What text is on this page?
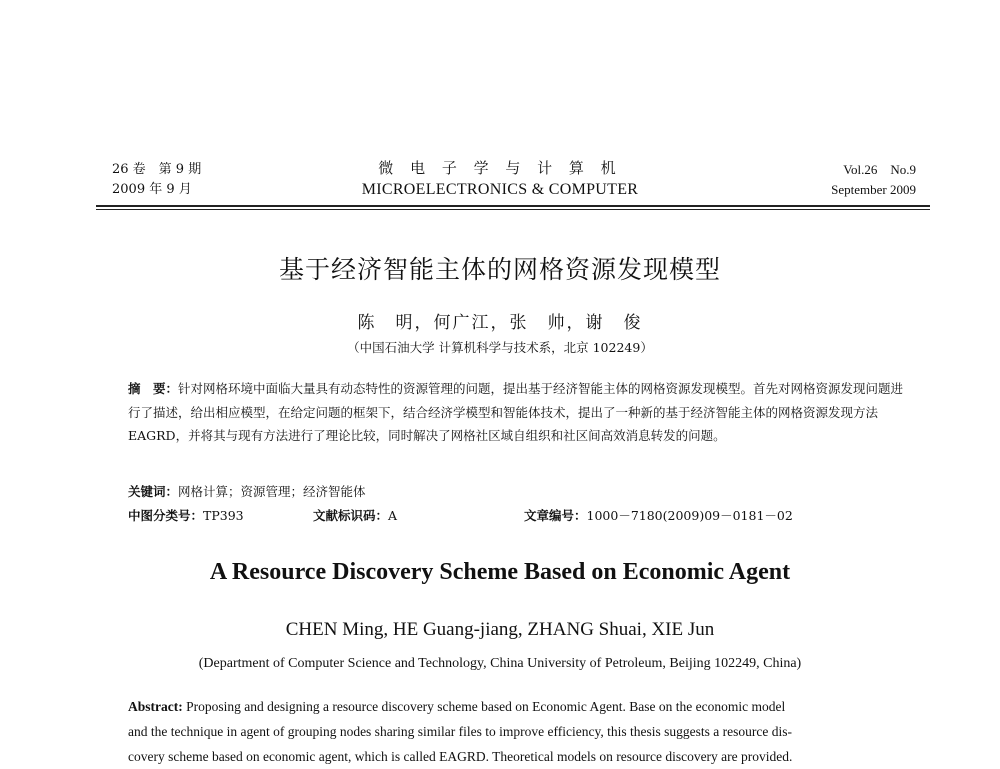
26 卷　第 9 期
2009 年 9 月
微 电 子 学 与 计 算 机
MICROELECTRONICS & COMPUTER
Vol.26　No.9
September 2009
基于经济智能主体的网格资源发现模型
陈　明，何广江，张　帅，谢　俊
（中国石油大学 计算机科学与技术系，北京 102249）
摘　要：针对网格环境中面临大量具有动态特性的资源管理的问题，提出基于经济智能主体的网格资源发现模型。首先对网格资源发现问题进行了描述，给出相应模型，在给定问题的框架下，结合经济学模型和智能体技术，提出了一种新的基于经济智能主体的网格资源发现方法 EAGRD，并将其与现有方法进行了理论比较，同时解决了网格社区域自组织和社区间高效消息转发的问题。
关键词：网格计算；资源管理；经济智能体
中图分类号：TP393	文献标识码：A	文章编号：1000－7180(2009)09－0181－02
A Resource Discovery Scheme Based on Economic Agent
CHEN Ming, HE Guang-jiang, ZHANG Shuai, XIE Jun
(Department of Computer Science and Technology, China University of Petroleum, Beijing 102249, China)
Abstract: Proposing and designing a resource discovery scheme based on Economic Agent. Base on the economic model
and the technique in agent of grouping nodes sharing similar files to improve efficiency, this thesis suggests a resource dis-
covery scheme based on economic agent, which is called EAGRD. Theoretical models on resource discovery are provided.
